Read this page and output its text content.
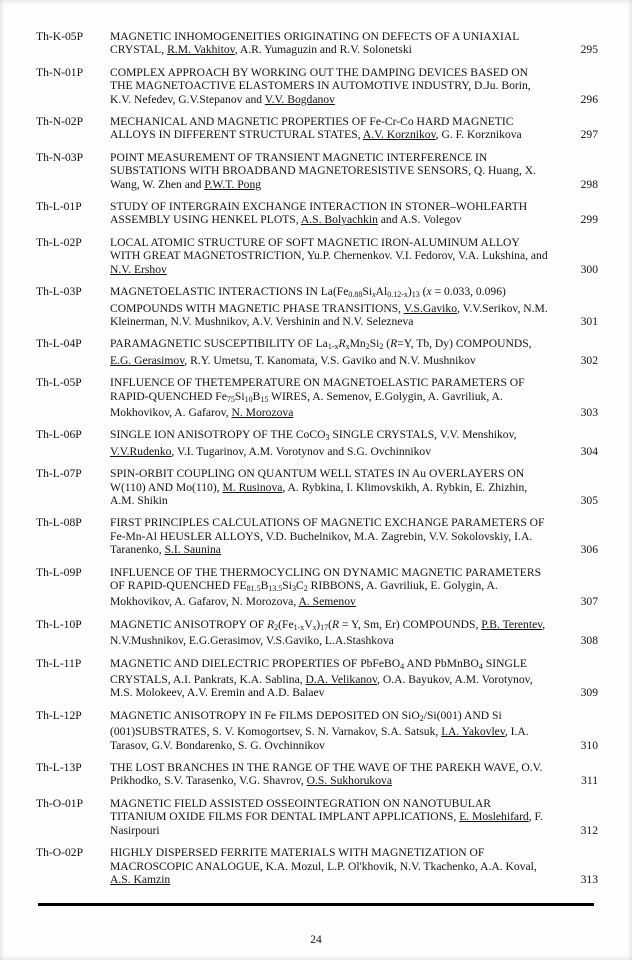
Th-K-05P	MAGNETIC INHOMOGENEITIES ORIGINATING ON DEFECTS OF A UNIAXIAL CRYSTAL, R.M. Vakhitov, A.R. Yumaguzin and R.V. Solonetski	295
Th-N-01P	COMPLEX APPROACH BY WORKING OUT THE DAMPING DEVICES BASED ON THE MAGNETOACTIVE ELASTOMERS IN AUTOMOTIVE INDUSTRY, D.Ju. Borin, K.V. Nefedev, G.V.Stepanov and V.V. Bogdanov	296
Th-N-02P	MECHANICAL AND MAGNETIC PROPERTIES OF Fe-Cr-Co HARD MAGNETIC ALLOYS IN DIFFERENT STRUCTURAL STATES, A.V. Korznikov, G. F. Korznikova	297
Th-N-03P	POINT MEASUREMENT OF TRANSIENT MAGNETIC INTERFERENCE IN SUBSTATIONS WITH BROADBAND MAGNETORESISTIVE SENSORS, Q. Huang, X. Wang, W. Zhen and P.W.T. Pong	298
Th-L-01P	STUDY OF INTERGRAIN EXCHANGE INTERACTION IN STONER–WOHLFARTH ASSEMBLY USING HENKEL PLOTS, A.S. Bolyachkin and A.S. Volegov	299
Th-L-02P	LOCAL ATOMIC STRUCTURE OF SOFT MAGNETIC IRON-ALUMINUM ALLOY WITH GREAT MAGNETOSTRICTION, Yu.P. Chernenkov. V.I. Fedorov, V.A. Lukshina, and N.V. Ershov	300
Th-L-03P	MAGNETOELASTIC INTERACTIONS IN $La(Fe_{0.88}Si_xAl_{0.12-x})_{13}$ (x = 0.033, 0.096) COMPOUNDS WITH MAGNETIC PHASE TRANSITIONS, V.S.Gaviko, V.V.Serikov, N.M. Kleinerman, N.V. Mushnikov, A.V. Vershinin and N.V. Selezneva	301
Th-L-04P	PARAMAGNETIC SUSCEPTIBILITY OF $La_{1-x}R_xMn_2Si_2$ (R=Y, Tb, Dy) COMPOUNDS, E.G. Gerasimov, R.Y. Umetsu, T. Kanomata, V.S. Gaviko and N.V. Mushnikov	302
Th-L-05P	INFLUENCE OF THETEMPERATURE ON MAGNETOELASTIC PARAMETERS OF RAPID-QUENCHED $Fe_{75}Si_{10}B_{15}$ WIRES, A. Semenov, E.Golygin, A. Gavriliuk, A. Mokhovikov, A. Gafarov, N. Morozova	303
Th-L-06P	SINGLE ION ANISOTROPY OF THE CoCO$_3$ SINGLE CRYSTALS, V.V. Menshikov, V.V.Rudenko, V.I. Tugarinov, A.M. Vorotynov and S.G. Ovchinnikov	304
Th-L-07P	SPIN-ORBIT COUPLING ON QUANTUM WELL STATES IN Au OVERLAYERS ON W(110) AND Mo(110), M. Rusinova, A. Rybkina, I. Klimovskikh, A. Rybkin, E. Zhizhin, A.M. Shikin	305
Th-L-08P	FIRST PRINCIPLES CALCULATIONS OF MAGNETIC EXCHANGE PARAMETERS OF Fe-Mn-Al HEUSLER ALLOYS, V.D. Buchelnikov, M.A. Zagrebin, V.V. Sokolovskiy, I.A. Taranenko, S.I. Saunina	306
Th-L-09P	INFLUENCE OF THE THERMOCYCLING ON DYNAMIC MAGNETIC PARAMETERS OF RAPID-QUENCHED $FE_{81.5}B_{13.5}Si_3C_2$ RIBBONS, A. Gavriliuk, E. Golygin, A. Mokhovikov, A. Gafarov, N. Morozova, A. Semenov	307
Th-L-10P	MAGNETIC ANISOTROPY OF $R_2(Fe_{1-x}V_x)_{17}(R = Y$, Sm, Er) COMPOUNDS, P.B. Terentev, N.V.Mushnikov, E.G.Gerasimov, V.S.Gaviko, L.A.Stashkova	308
Th-L-11P	MAGNETIC AND DIELECTRIC PROPERTIES OF PbFeBO$_4$ AND PbMnBO$_4$ SINGLE CRYSTALS, A.I. Pankrats, K.A. Sablina, D.A. Velikanov, O.A. Bayukov, A.M. Vorotynov, M.S. Molokeev, A.V. Eremin and A.D. Balaev	309
Th-L-12P	MAGNETIC ANISOTROPY IN Fe FILMS DEPOSITED ON SiO$_2$/Si(001) AND Si (001)SUBSTRATES, S. V. Komogortsev, S. N. Varnakov, S.A. Satsuk, I.A. Yakovlev, I.A. Tarasov, G.V. Bondarenko, S. G. Ovchinnikov	310
Th-L-13P	THE LOST BRANCHES IN THE RANGE OF THE WAVE OF THE PAREKH WAVE, O.V. Prikhodko, S.V. Tarasenko, V.G. Shavrov, O.S. Sukhorukova	311
Th-O-01P	MAGNETIC FIELD ASSISTED OSSEOINTEGRATION ON NANOTUBULAR TITANIUM OXIDE FILMS FOR DENTAL IMPLANT APPLICATIONS, E. Moslehifard, F. Nasirpouri	312
Th-O-02P	HIGHLY DISPERSED FERRITE MATERIALS WITH MAGNETIZATION OF MACROSCOPIC ANALOGUE, K.A. Mozul, L.P. Ol'khovik, N.V. Tkachenko, A.A. Koval, A.S. Kamzin	313
24
